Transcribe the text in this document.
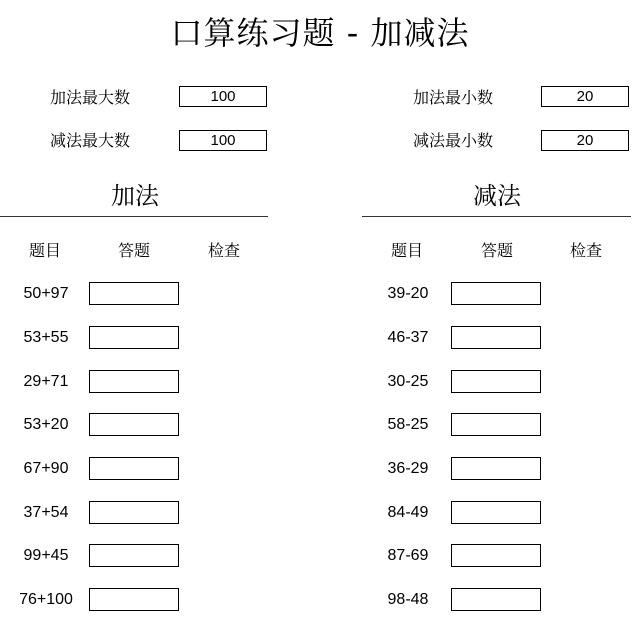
口算练习题 - 加减法
加法最大数	100
减法最大数	100
加法最小数	20
减法最小数	20
加法
题目	答题	检查
50+97
53+55
29+71
53+20
67+90
37+54
99+45
76+100
减法
题目	答题	检查
39-20
46-37
30-25
58-25
36-29
84-49
87-69
98-48
